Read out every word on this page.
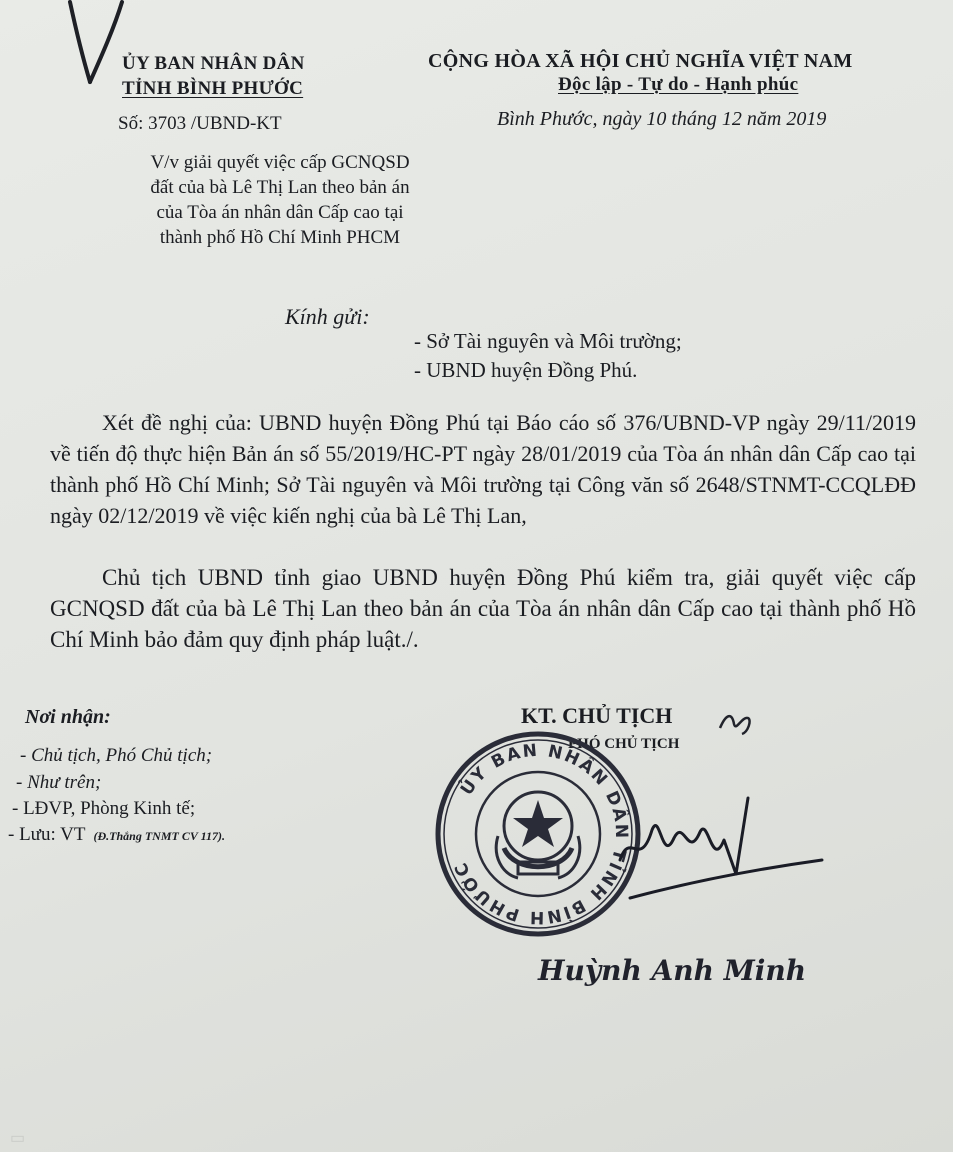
ỦY BAN NHÂN DÂN
TỈNH BÌNH PHƯỚC
CỘNG HÒA XÃ HỘI CHỦ NGHĨA VIỆT NAM
Độc lập - Tự do - Hạnh phúc
Số: 3703 /UBND-KT	Bình Phước, ngày 10 tháng 12 năm 2019
V/v giải quyết việc cấp GCNQSD
đất của bà Lê Thị Lan theo bản án
của Tòa án nhân dân Cấp cao tại
thành phố Hồ Chí Minh PHCM
Kính gửi:
- Sở Tài nguyên và Môi trường;
- UBND huyện Đồng Phú.

Xét đề nghị của: UBND huyện Đồng Phú tại Báo cáo số 376/UBND-VP ngày 29/11/2019 về tiến độ thực hiện Bản án số 55/2019/HC-PT ngày 28/01/2019 của Tòa án nhân dân Cấp cao tại thành phố Hồ Chí Minh; Sở Tài nguyên và Môi trường tại Công văn số 2648/STNMT-CCQLĐĐ ngày 02/12/2019 về việc kiến nghị của bà Lê Thị Lan,

Chủ tịch UBND tỉnh giao UBND huyện Đồng Phú kiểm tra, giải quyết việc cấp GCNQSD đất của bà Lê Thị Lan theo bản án của Tòa án nhân dân Cấp cao tại thành phố Hồ Chí Minh bảo đảm quy định pháp luật./.

Nơi nhận:
- Chủ tịch, Phó Chủ tịch;
- Như trên;
- LĐVP, Phòng Kinh tế;
- Lưu: VT (Đ.Thắng TNMT CV 117).
KT. CHỦ TỊCH
PHÓ CHỦ TỊCH
ỦY BAN NHÂN DÂN TỈNH BÌNH PHƯỚC
Huỳnh Anh Minh
▭
